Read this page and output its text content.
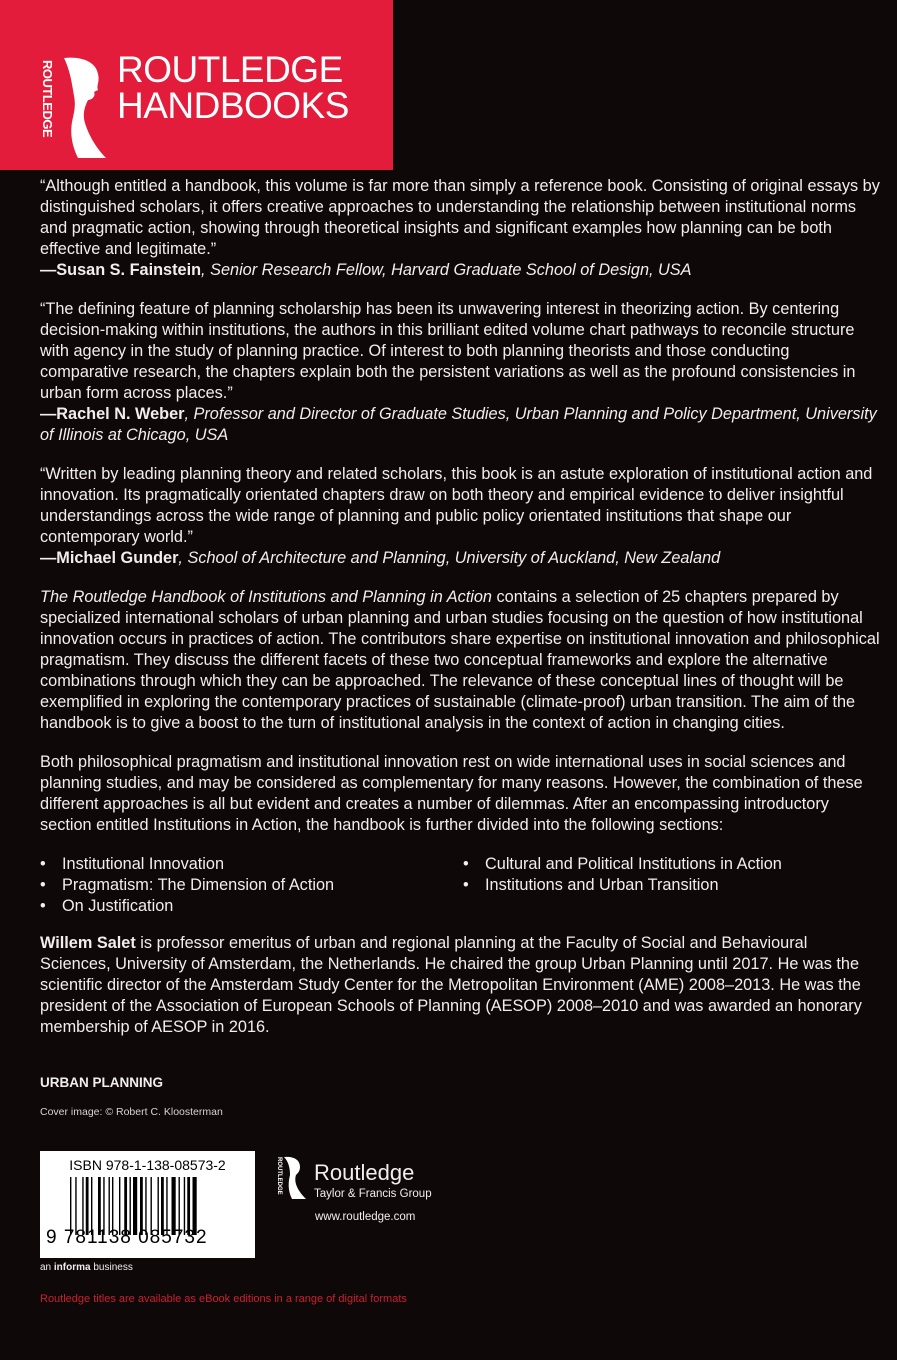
ROUTLEDGE ROUTLEDGE
HANDBOOKS

“Although entitled a handbook, this volume is far more than simply a reference book. Consisting of original essays by distinguished scholars, it offers creative approaches to understanding the relationship between institutional norms and pragmatic action, showing through theoretical insights and significant examples how planning can be both effective and legitimate.”
—Susan S. Fainstein, Senior Research Fellow, Harvard Graduate School of Design, USA

“The defining feature of planning scholarship has been its unwavering interest in theorizing action. By centering decision-making within institutions, the authors in this brilliant edited volume chart pathways to reconcile structure with agency in the study of planning practice. Of interest to both planning theorists and those conducting comparative research, the chapters explain both the persistent variations as well as the profound consistencies in urban form across places.”
—Rachel N. Weber, Professor and Director of Graduate Studies, Urban Planning and Policy Department, University of Illinois at Chicago, USA

“Written by leading planning theory and related scholars, this book is an astute exploration of institutional action and innovation. Its pragmatically orientated chapters draw on both theory and empirical evidence to deliver insightful understandings across the wide range of planning and public policy orientated institutions that shape our contemporary world.”
—Michael Gunder, School of Architecture and Planning, University of Auckland, New Zealand

The Routledge Handbook of Institutions and Planning in Action contains a selection of 25 chapters prepared by specialized international scholars of urban planning and urban studies focusing on the question of how institutional innovation occurs in practices of action. The contributors share expertise on institutional innovation and philosophical pragmatism. They discuss the different facets of these two conceptual frameworks and explore the alternative combinations through which they can be approached. The relevance of these conceptual lines of thought will be exemplified in exploring the contemporary practices of sustainable (climate-proof) urban transition. The aim of the handbook is to give a boost to the turn of institutional analysis in the context of action in changing cities.

Both philosophical pragmatism and institutional innovation rest on wide international uses in social sciences and planning studies, and may be considered as complementary for many reasons. However, the combination of these different approaches is all but evident and creates a number of dilemmas. After an encompassing introductory section entitled Institutions in Action, the handbook is further divided into the following sections:

• Institutional Innovation
• Pragmatism: The Dimension of Action
• On Justification
• Cultural and Political Institutions in Action
• Institutions and Urban Transition

Willem Salet is professor emeritus of urban and regional planning at the Faculty of Social and Behavioural Sciences, University of Amsterdam, the Netherlands. He chaired the group Urban Planning until 2017. He was the scientific director of the Amsterdam Study Center for the Metropolitan Environment (AME) 2008–2013. He was the president of the Association of European Schools of Planning (AESOP) 2008–2010 and was awarded an honorary membership of AESOP in 2016.

URBAN PLANNING
Cover image: © Robert C. Kloosterman
ISBN 978-1-138-08573-2
9 781138 085732
an informa business
ROUTLEDGE Routledge
Taylor & Francis Group
www.routledge.com
Routledge titles are available as eBook editions in a range of digital formats
